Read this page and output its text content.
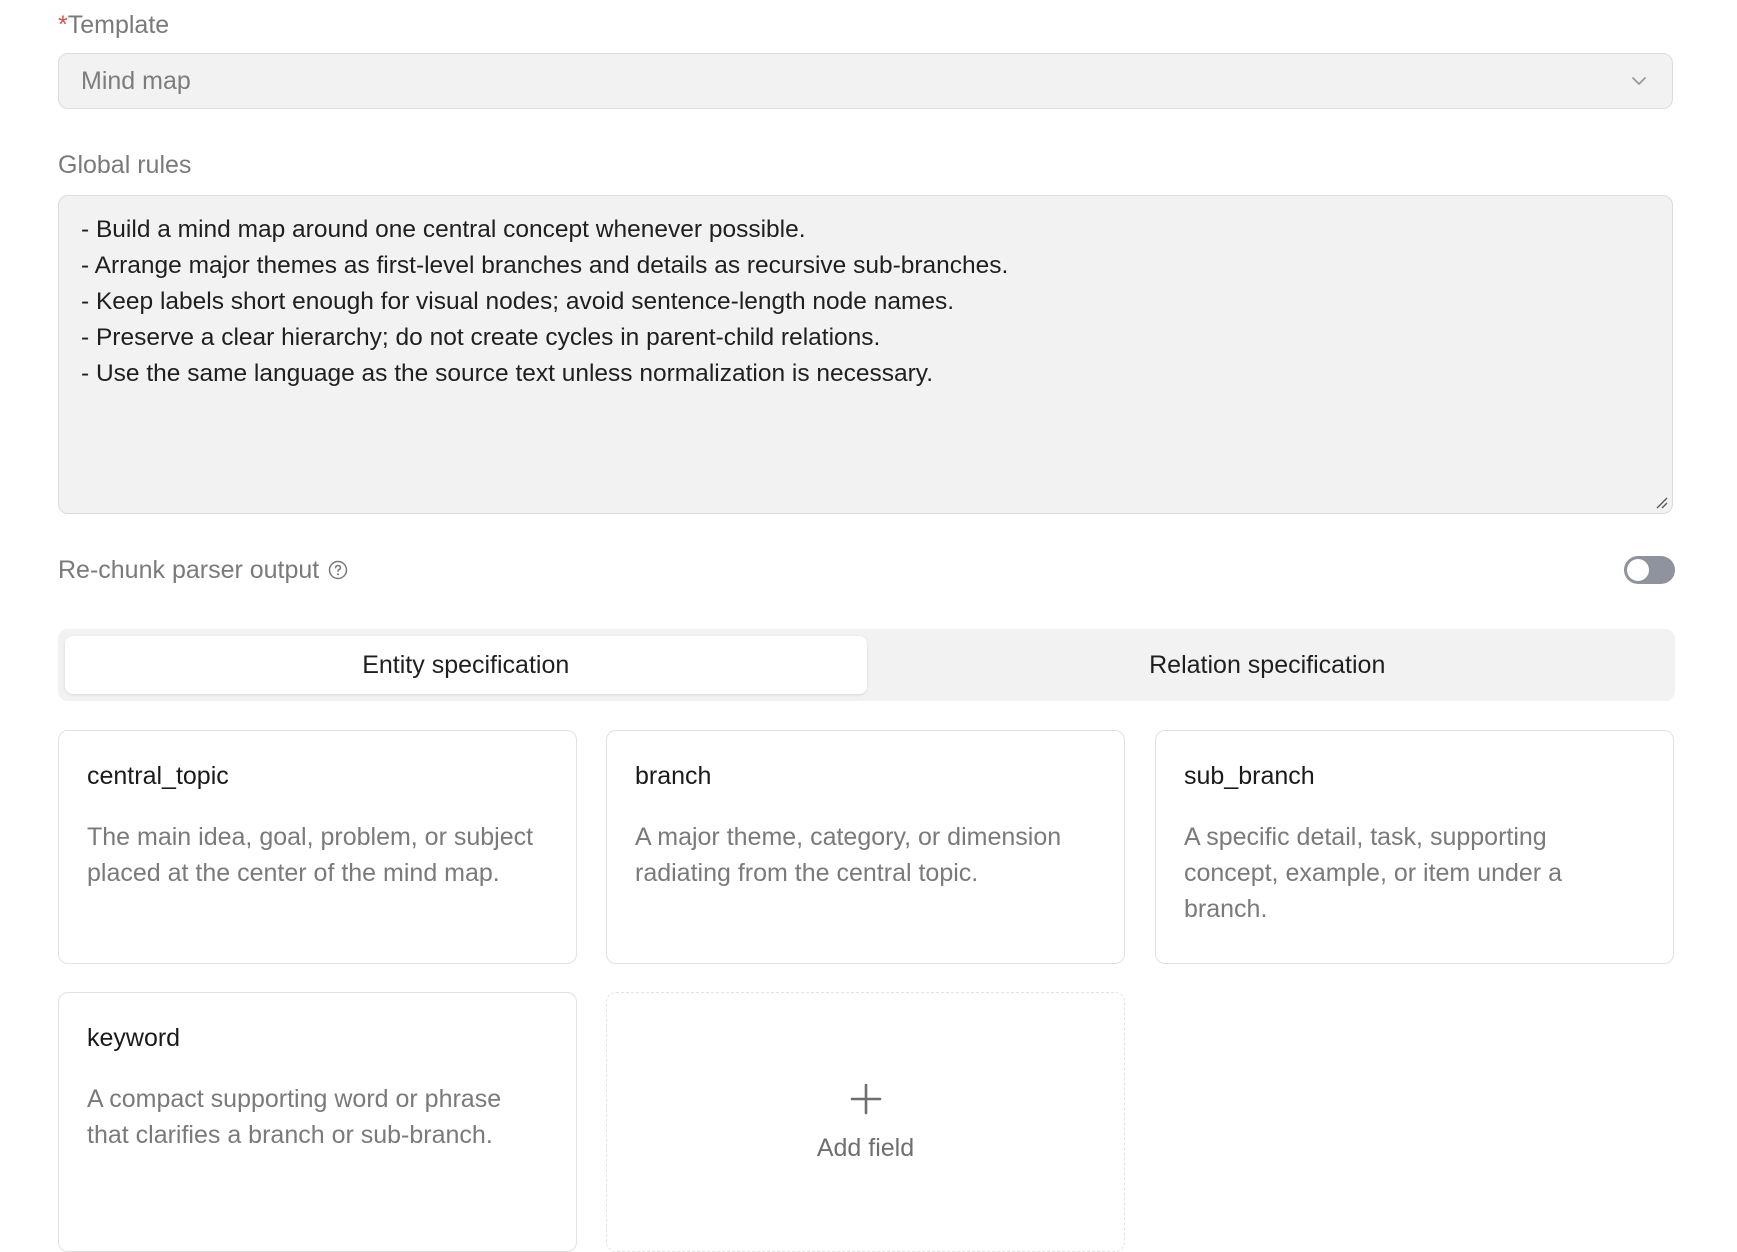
*Template
Mind map
Global rules
- Build a mind map around one central concept whenever possible.
- Arrange major themes as first-level branches and details as recursive sub-branches.
- Keep labels short enough for visual nodes; avoid sentence-length node names.
- Preserve a clear hierarchy; do not create cycles in parent-child relations.
- Use the same language as the source text unless normalization is necessary.
Re-chunk parser output
Entity specification	Relation specification
central_topic
The main idea, goal, problem, or subject placed at the center of the mind map.
branch
A major theme, category, or dimension radiating from the central topic.
sub_branch
A specific detail, task, supporting concept, example, or item under a branch.
keyword
A compact supporting word or phrase that clarifies a branch or sub-branch.	Add field
